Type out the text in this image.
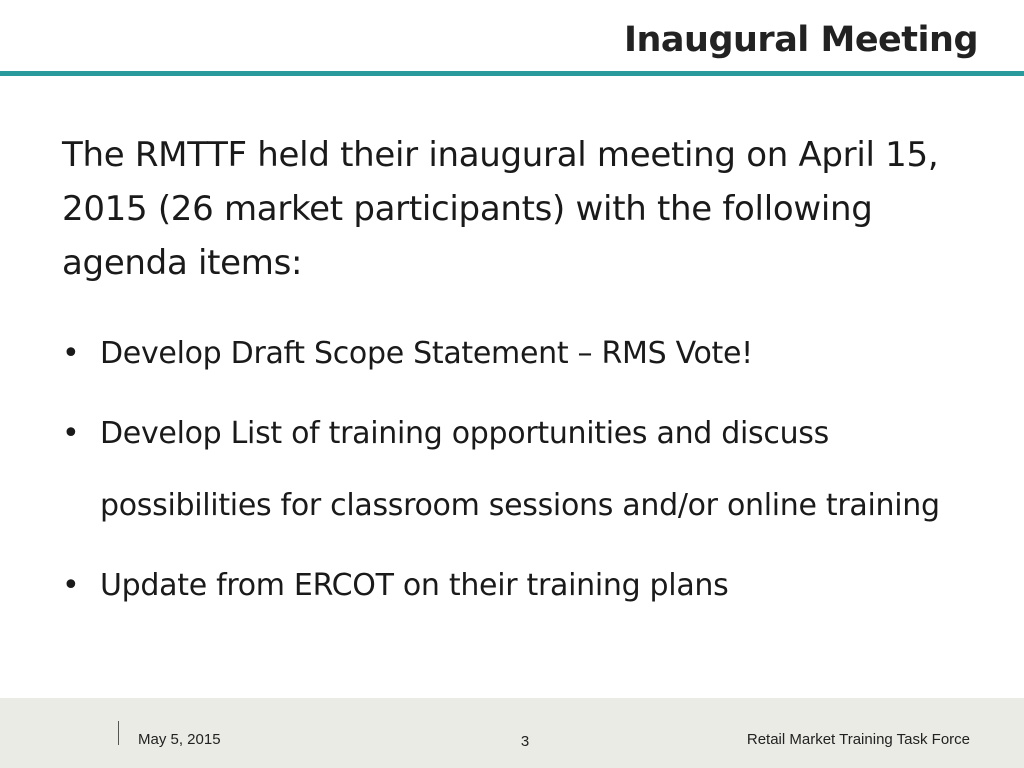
Inaugural Meeting

The RMTTF held their inaugural meeting on April 15, 2015 (26 market participants) with the following agenda items:

• Develop Draft Scope Statement – RMS Vote!
• Develop List of training opportunities and discuss possibilities for classroom sessions and/or online training
• Update from ERCOT on their training plans
May 5, 2015	3	Retail Market Training Task Force
